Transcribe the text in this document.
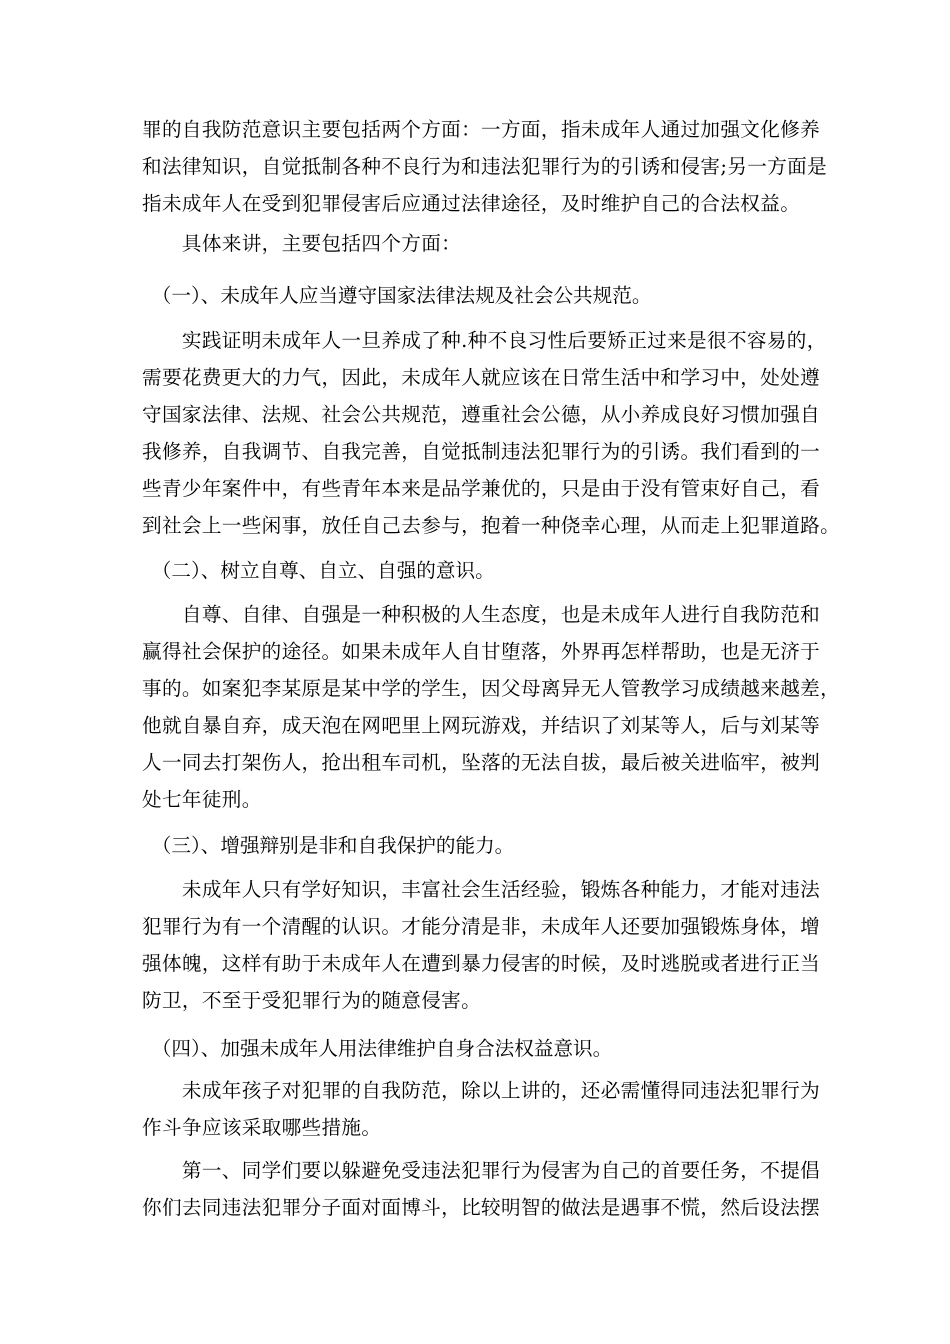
罪的自我防范意识主要包括两个方面：一方面，指未成年人通过加强文化修养
和法律知识，自觉抵制各种不良行为和违法犯罪行为的引诱和侵害;另一方面是
指未成年人在受到犯罪侵害后应通过法律途径，及时维护自己的合法权益。

　　具体来讲，主要包括四个方面：

　（一）、未成年人应当遵守国家法律法规及社会公共规范。

　　实践证明未成年人一旦养成了种.种不良习性后要矫正过来是很不容易的，
需要花费更大的力气，因此，未成年人就应该在日常生活中和学习中，处处遵
守国家法律、法规、社会公共规范，遵重社会公德，从小养成良好习惯加强自
我修养，自我调节、自我完善，自觉抵制违法犯罪行为的引诱。我们看到的一
些青少年案件中，有些青年本来是品学兼优的，只是由于没有管束好自己，看
到社会上一些闲事，放任自己去参与，抱着一种侥幸心理，从而走上犯罪道路。

　（二）、树立自尊、自立、自强的意识。

　　自尊、自律、自强是一种积极的人生态度，也是未成年人进行自我防范和
赢得社会保护的途径。如果未成年人自甘堕落，外界再怎样帮助，也是无济于
事的。如案犯李某原是某中学的学生，因父母离异无人管教学习成绩越来越差，
他就自暴自弃，成天泡在网吧里上网玩游戏，并结识了刘某等人，后与刘某等
人一同去打架伤人，抢出租车司机，坠落的无法自拔，最后被关进临牢，被判
处七年徒刑。

　（三）、增强辩别是非和自我保护的能力。

　　未成年人只有学好知识，丰富社会生活经验，锻炼各种能力，才能对违法
犯罪行为有一个清醒的认识。才能分清是非，未成年人还要加强锻炼身体，增
强体魄，这样有助于未成年人在遭到暴力侵害的时候，及时逃脱或者进行正当
防卫，不至于受犯罪行为的随意侵害。

　（四）、加强未成年人用法律维护自身合法权益意识。

　　未成年孩子对犯罪的自我防范，除以上讲的，还必需懂得同违法犯罪行为
作斗争应该采取哪些措施。

　　第一、同学们要以躲避免受违法犯罪行为侵害为自己的首要任务，不提倡
你们去同违法犯罪分子面对面博斗，比较明智的做法是遇事不慌，然后设法摆
